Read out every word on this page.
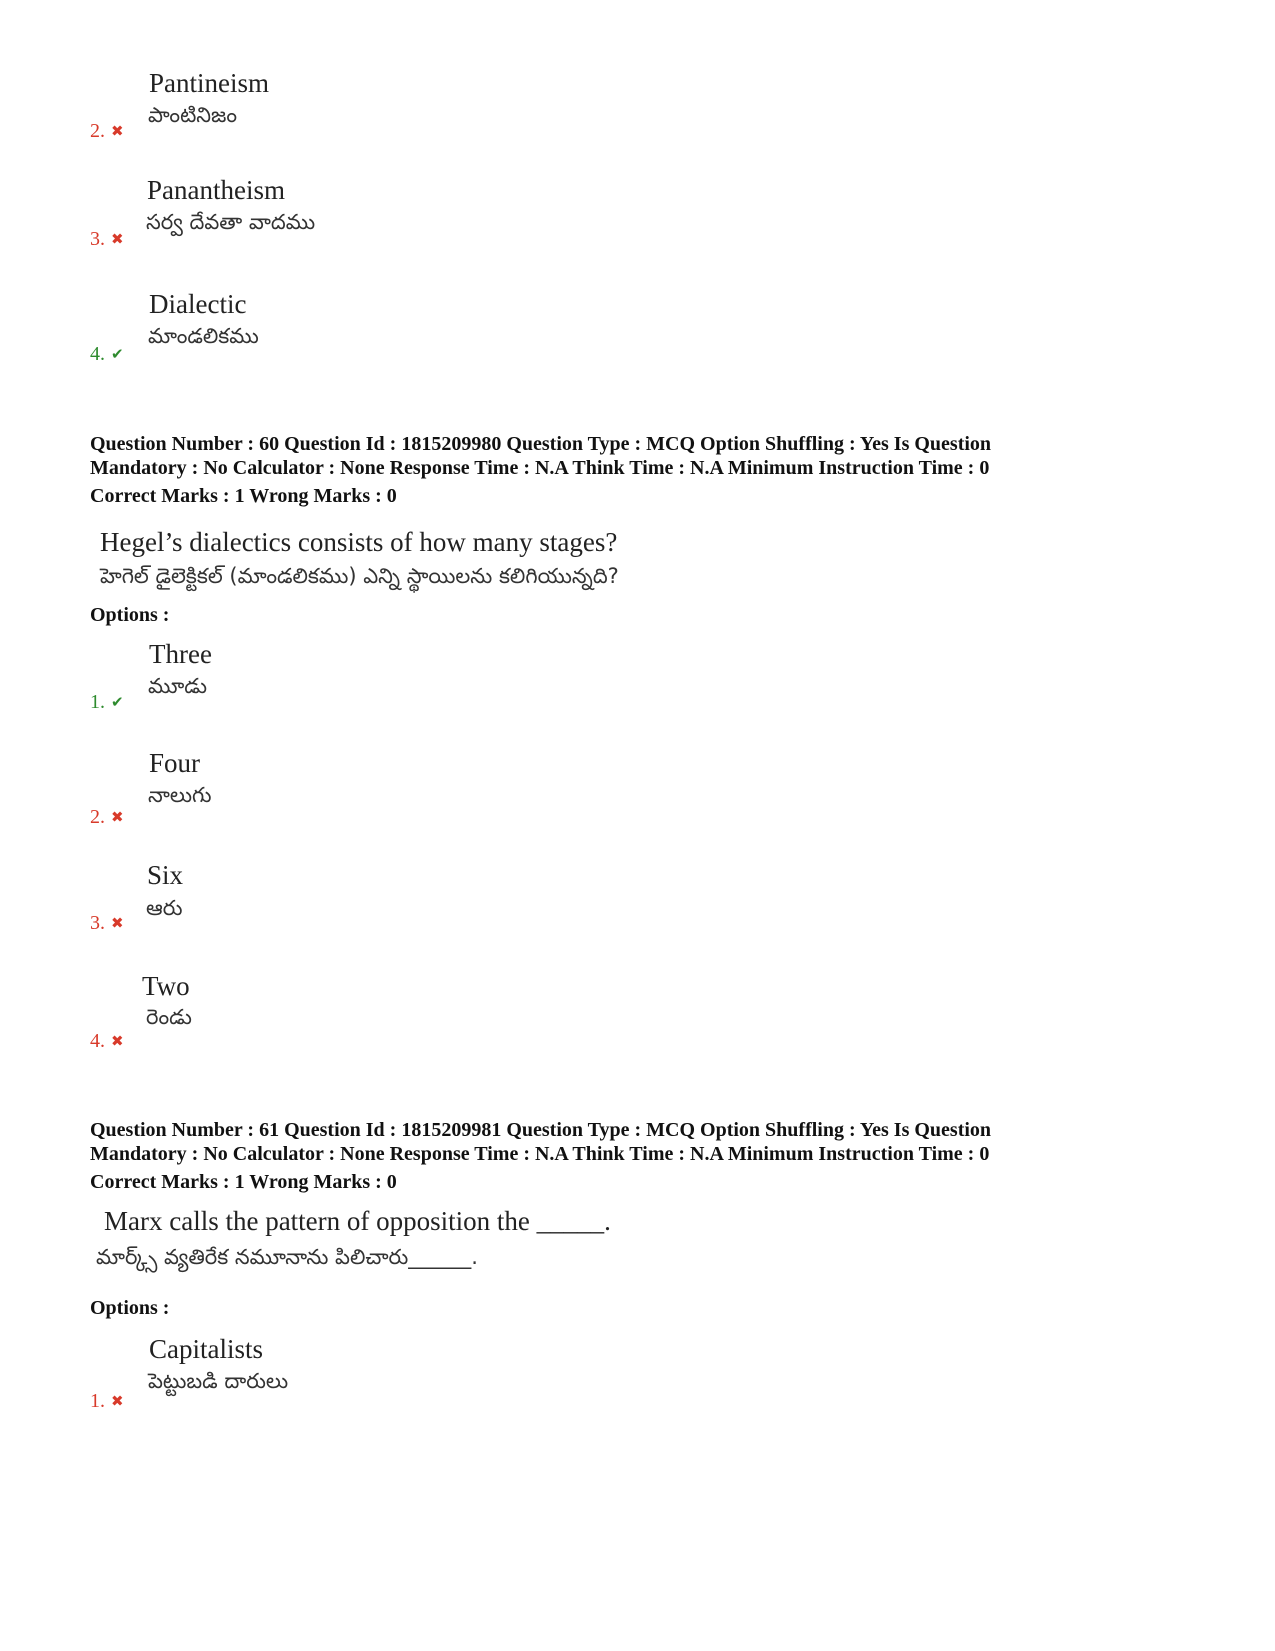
Pantineism
పాంటినిజం
2. ✖
Panantheism
సర్వ దేవతా వాదము
3. ✖
Dialectic
మాండలికము
4. ✔
Question Number : 60 Question Id : 1815209980 Question Type : MCQ Option Shuffling : Yes Is Question
Mandatory : No Calculator : None Response Time : N.A Think Time : N.A Minimum Instruction Time : 0
Correct Marks : 1 Wrong Marks : 0
Hegel’s dialectics consists of how many stages?
హెగెల్ డైలెక్టికల్ (మాండలికము) ఎన్ని స్థాయిలను కలిగియున్నది?
Options :
Three
మూడు
1. ✔
Four
నాలుగు
2. ✖
Six
ఆరు
3. ✖
Two
రెండు
4. ✖
Question Number : 61 Question Id : 1815209981 Question Type : MCQ Option Shuffling : Yes Is Question
Mandatory : No Calculator : None Response Time : N.A Think Time : N.A Minimum Instruction Time : 0
Correct Marks : 1 Wrong Marks : 0
Marx calls the pattern of opposition the _____.
మార్క్స్ వ్యతిరేక నమూనాను పిలిచారు______.
Options :
Capitalists
పెట్టుబడి దారులు
1. ✖
